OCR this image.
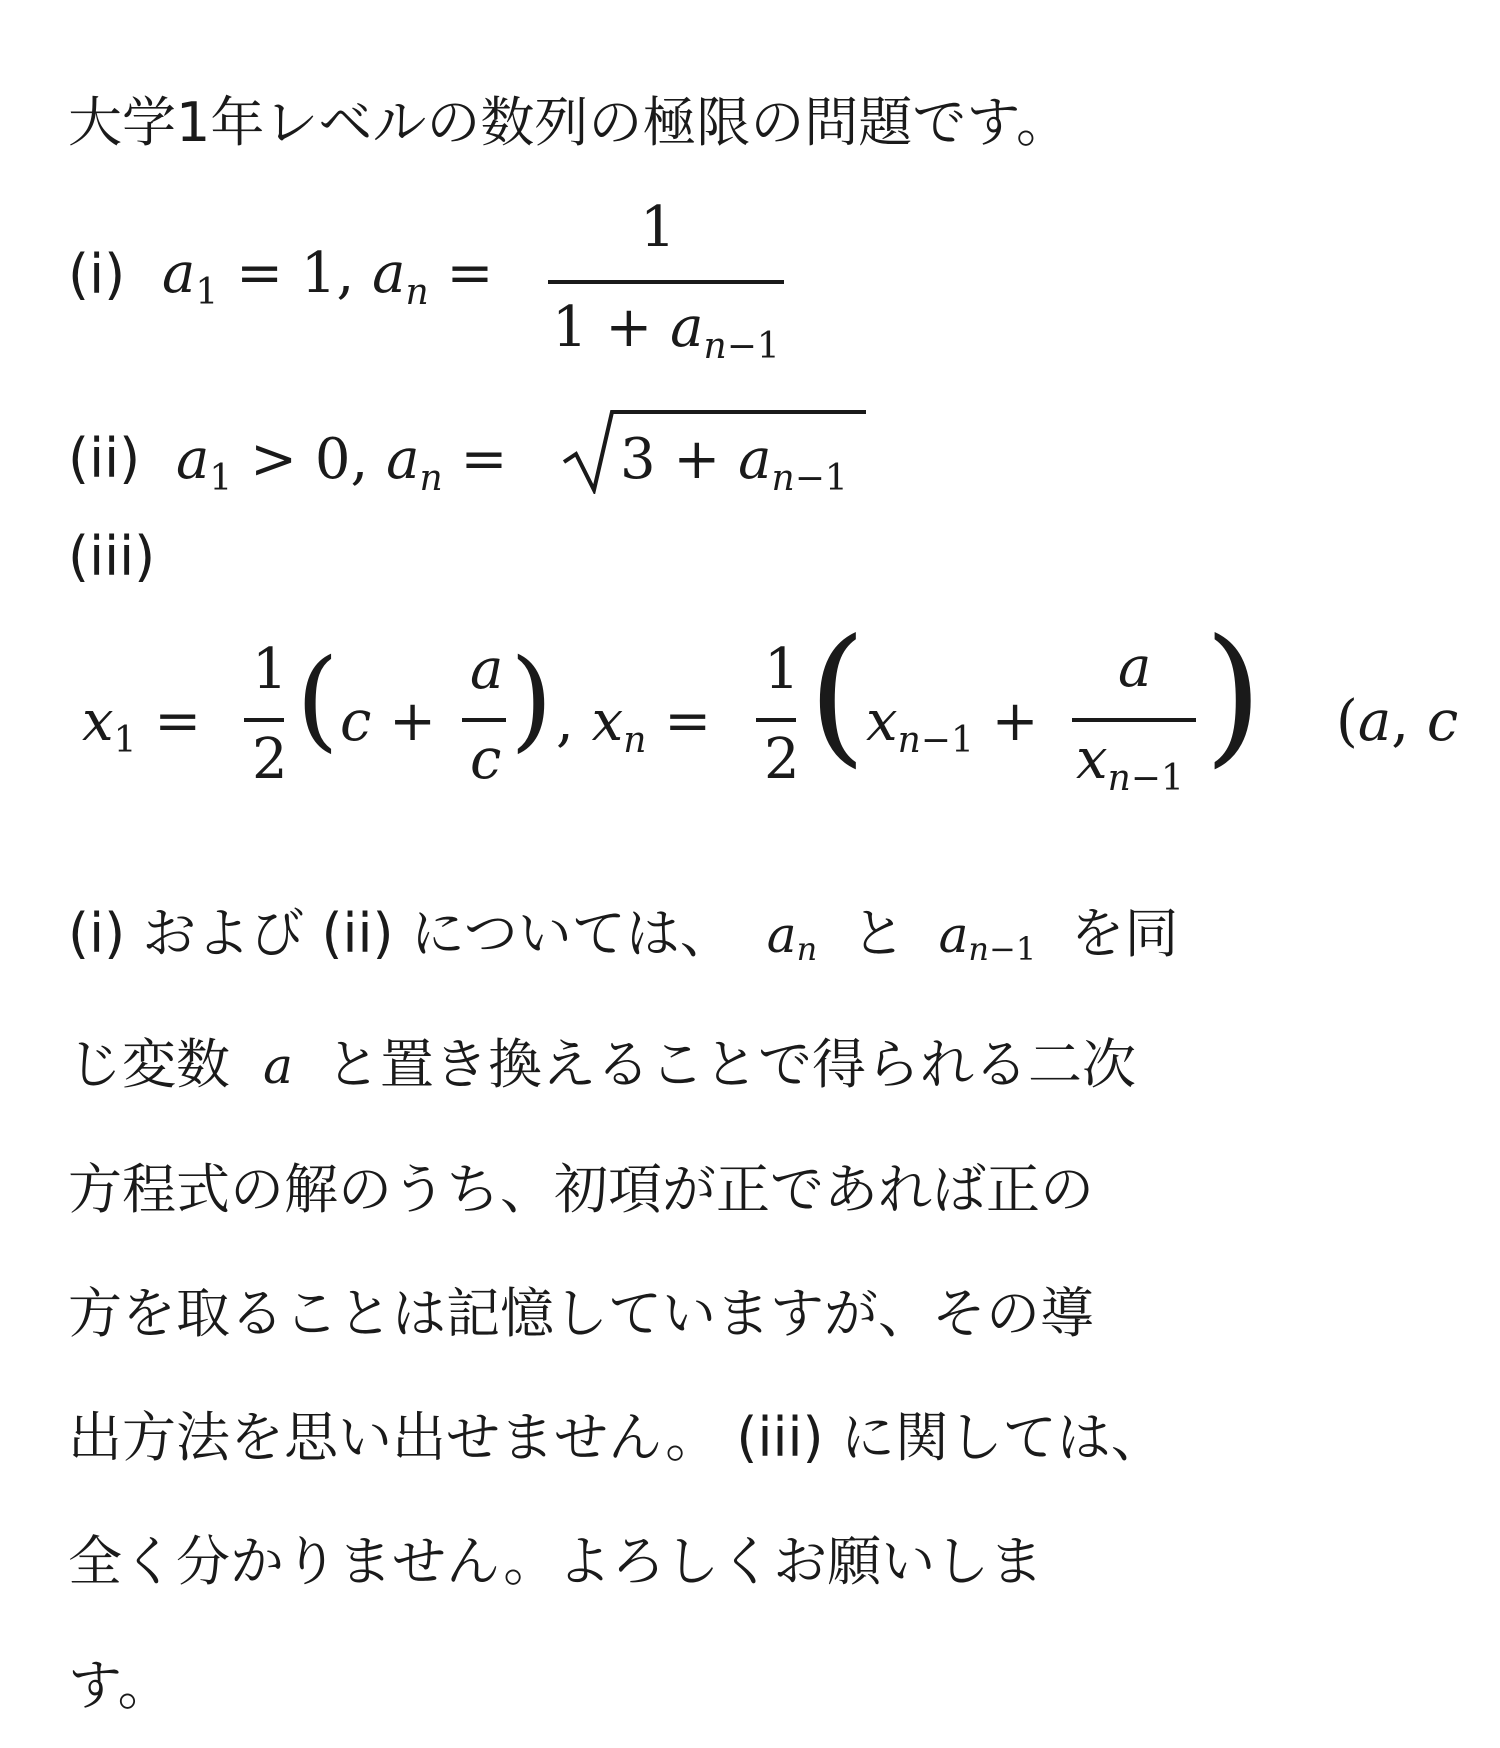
大学1年レベルの数列の極限の問題です。
(i) $a_1 = 1$, $a_n$ =
1
$1 + a_{n-1}$
(ii) $a_1 > 0$, $a_n = 3 + a_{n-1}$
(iii)
$x_1$ =
1
2 ( c +
a
c ) , $x_n$ =
1
2 ( $x_{n-1}$ +
a
$x_{n-1}$ ) (a, c
(i) および (ii) については、  an と  an−1 を同
じ変数  a  と置き換えることで得られる二次
方程式の解のうち、初項が正であれば正の
方を取ることは記憶していますが、その導
出方法を思い出せません。 (iii) に関しては、
全く分かりません。よろしくお願いしま
す。
